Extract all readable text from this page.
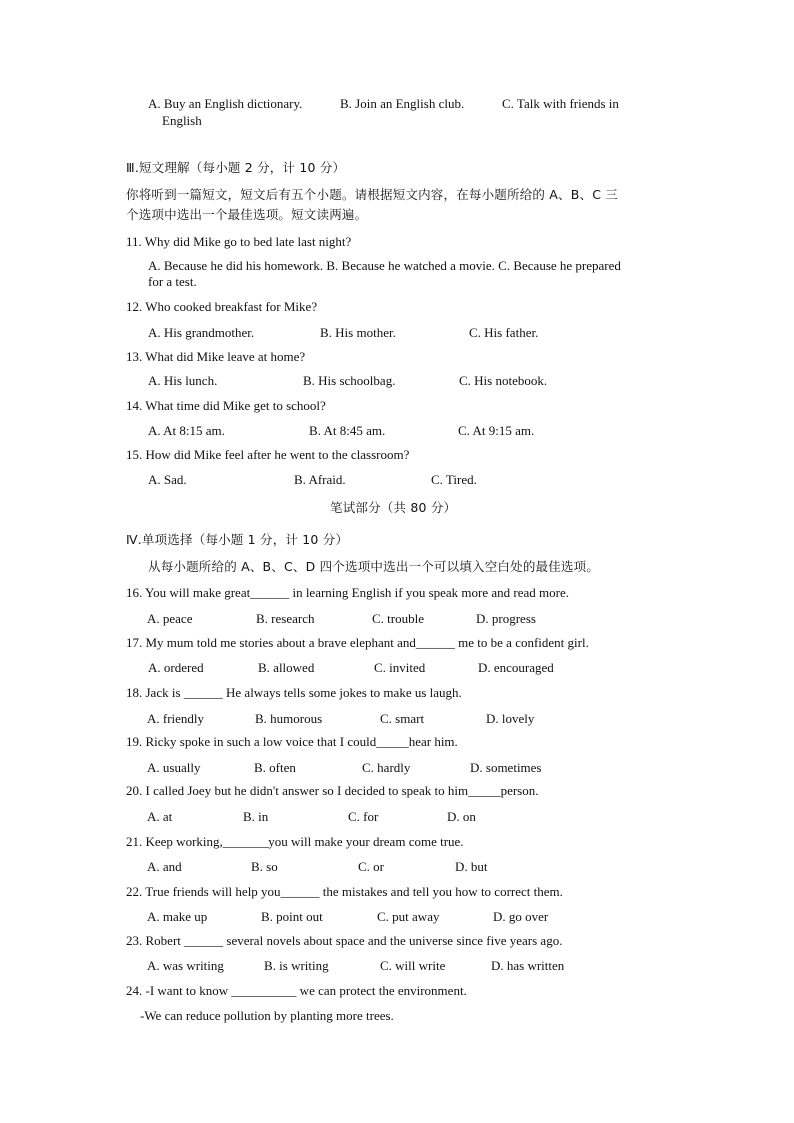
A. Buy an English dictionary.	B. Join an English club.	C. Talk with friends in
English
Ⅲ.短文理解（每小题 2 分，计 10 分）
你将听到一篇短文，短文后有五个小题。请根据短文内容，在每小题所给的 A、B、C 三
个选项中选出一个最佳选项。短文读两遍。
11. Why did Mike go to bed late last night?
A. Because he did his homework. B. Because he watched a movie. C. Because he prepared
for a test.
12. Who cooked breakfast for Mike?
A. His grandmother.	B. His mother.	C. His father.
13. What did Mike leave at home?
A. His lunch.	B. His schoolbag.	C. His notebook.
14. What time did Mike get to school?
A. At 8:15 am.	B. At 8:45 am.	C. At 9:15 am.
15. How did Mike feel after he went to the classroom?
A. Sad.	B. Afraid.	C. Tired.
笔试部分（共 80 分）
Ⅳ.单项选择（每小题 1 分，计 10 分）
从每小题所给的 A、B、C、D 四个选项中选出一个可以填入空白处的最佳选项。
16. You will make great______ in learning English if you speak more and read more.
A. peace	B. research	C. trouble	D. progress
17. My mum told me stories about a brave elephant and______ me to be a confident girl.
A. ordered	B. allowed	C. invited	D. encouraged
18. Jack is ______ He always tells some jokes to make us laugh.
A. friendly	B. humorous	C. smart	D. lovely
19. Ricky spoke in such a low voice that I could_____hear him.
A. usually	B. often	C. hardly	D. sometimes
20. I called Joey but he didn't answer so I decided to speak to him_____person.
A. at	B. in	C. for	D. on
21. Keep working,_______you will make your dream come true.
A. and	B. so	C. or	D. but
22. True friends will help you______ the mistakes and tell you how to correct them.
A. make up	B. point out	C. put away	D. go over
23. Robert ______ several novels about space and the universe since five years ago.
A. was writing	B. is writing	C. will write	D. has written
24. -I want to know __________ we can protect the environment.
-We can reduce pollution by planting more trees.
